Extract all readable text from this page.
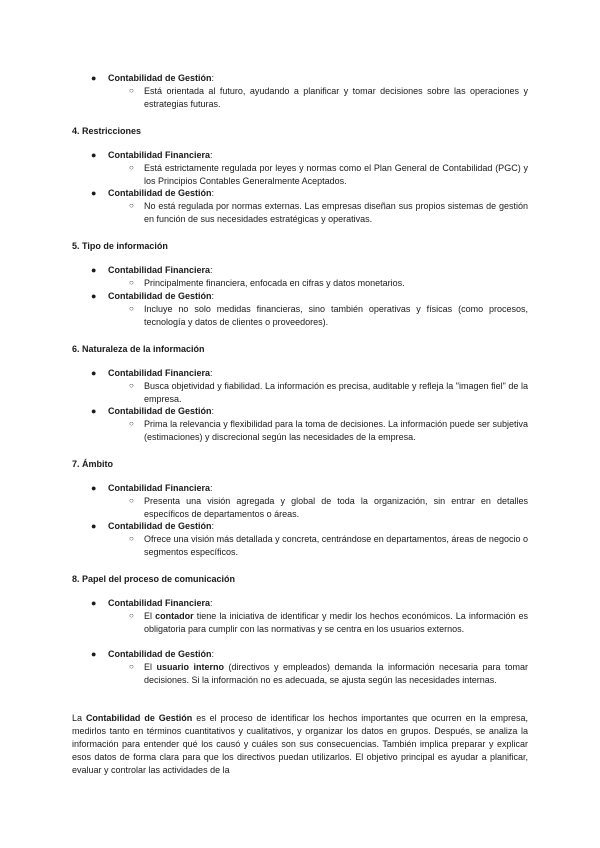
● Contabilidad de Gestión:
○ Está orientada al futuro, ayudando a planificar y tomar decisiones sobre las operaciones y estrategias futuras.
4. Restricciones
● Contabilidad Financiera:
○ Está estrictamente regulada por leyes y normas como el Plan General de Contabilidad (PGC) y los Principios Contables Generalmente Aceptados.
● Contabilidad de Gestión:
○ No está regulada por normas externas. Las empresas diseñan sus propios sistemas de gestión en función de sus necesidades estratégicas y operativas.
5. Tipo de información
● Contabilidad Financiera:
○ Principalmente financiera, enfocada en cifras y datos monetarios.
● Contabilidad de Gestión:
○ Incluye no solo medidas financieras, sino también operativas y físicas (como procesos, tecnología y datos de clientes o proveedores).
6. Naturaleza de la información
● Contabilidad Financiera:
○ Busca objetividad y fiabilidad. La información es precisa, auditable y refleja la "imagen fiel" de la empresa.
● Contabilidad de Gestión:
○ Prima la relevancia y flexibilidad para la toma de decisiones. La información puede ser subjetiva (estimaciones) y discrecional según las necesidades de la empresa.
7. Ámbito
● Contabilidad Financiera:
○ Presenta una visión agregada y global de toda la organización, sin entrar en detalles específicos de departamentos o áreas.
● Contabilidad de Gestión:
○ Ofrece una visión más detallada y concreta, centrándose en departamentos, áreas de negocio o segmentos específicos.
8. Papel del proceso de comunicación
● Contabilidad Financiera:
○ El contador tiene la iniciativa de identificar y medir los hechos económicos. La información es obligatoria para cumplir con las normativas y se centra en los usuarios externos.
● Contabilidad de Gestión:
○ El usuario interno (directivos y empleados) demanda la información necesaria para tomar decisiones. Si la información no es adecuada, se ajusta según las necesidades internas.
La Contabilidad de Gestión es el proceso de identificar los hechos importantes que ocurren en la empresa, medirlos tanto en términos cuantitativos y cualitativos, y organizar los datos en grupos. Después, se analiza la información para entender qué los causó y cuáles son sus consecuencias. También implica preparar y explicar esos datos de forma clara para que los directivos puedan utilizarlos. El objetivo principal es ayudar a planificar, evaluar y controlar las actividades de la
